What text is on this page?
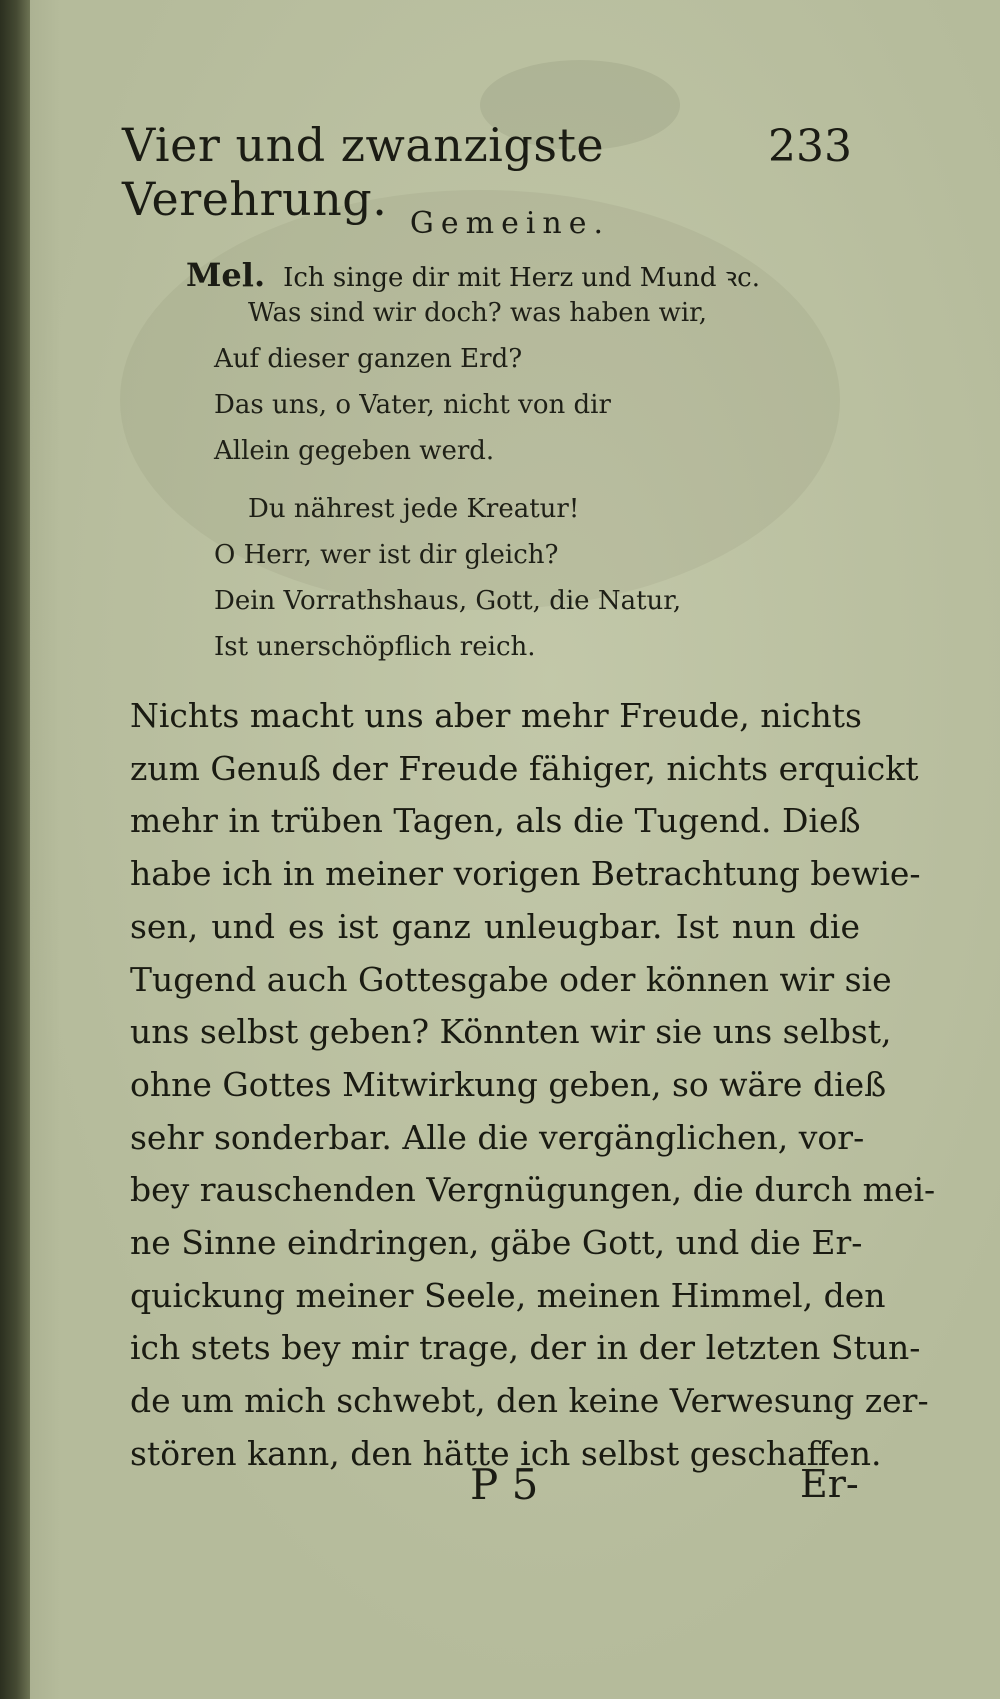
Vier und zwanzigste Verehrung.
233
Gemeine.
Mel. Ich singe dir mit Herz und Mund ꝛc.
Was sind wir doch? was haben wir,
Auf dieser ganzen Erd?
Das uns, o Vater, nicht von dir
Allein gegeben werd.
Du nährest jede Kreatur!
O Herr, wer ist dir gleich?
Dein Vorrathshaus, Gott, die Natur,
Ist unerschöpflich reich.
Nichts macht uns aber mehr Freude, nichts
zum Genuß der Freude fähiger, nichts erquickt
mehr in trüben Tagen, als die Tugend. Dieß
habe ich in meiner vorigen Betrachtung bewie-
sen, und es ist ganz unleugbar. Ist nun die
Tugend auch Gottesgabe oder können wir sie
uns selbst geben? Könnten wir sie uns selbst,
ohne Gottes Mitwirkung geben, so wäre dieß
sehr sonderbar. Alle die vergänglichen, vor-
bey rauschenden Vergnügungen, die durch mei-
ne Sinne eindringen, gäbe Gott, und die Er-
quickung meiner Seele, meinen Himmel, den
ich stets bey mir trage, der in der letzten Stun-
de um mich schwebt, den keine Verwesung zer-
stören kann, den hätte ich selbst geschaffen.
P 5	Er-
